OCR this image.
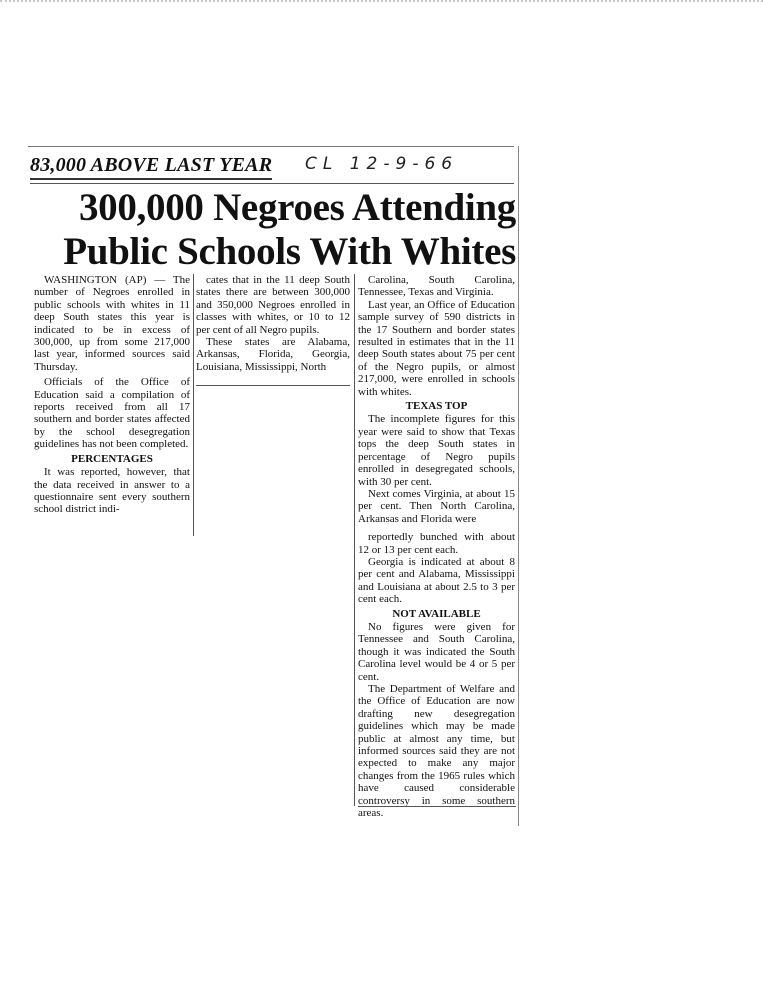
83,000 ABOVE LAST YEAR CL 12-9-66
300,000 Negroes Attending
Public Schools With Whites

WASHINGTON (AP) — The number of Negroes enrolled in public schools with whites in 11 deep South states this year is indicated to be in excess of 300,000, up from some 217,000 last year, informed sources said Thursday.

Officials of the Office of Education said a compilation of reports received from all 17 southern and border states affected by the school desegregation guidelines has not been completed.

PERCENTAGES

It was reported, however, that the data received in answer to a questionnaire sent every southern school district indi-

cates that in the 11 deep South states there are between 300,000 and 350,000 Negroes enrolled in classes with whites, or 10 to 12 per cent of all Negro pupils.

These states are Alabama, Arkansas, Florida, Georgia, Louisiana, Mississippi, North

Carolina, South Carolina, Tennessee, Texas and Virginia.

Last year, an Office of Education sample survey of 590 districts in the 17 Southern and border states resulted in estimates that in the 11 deep South states about 75 per cent of the Negro pupils, or almost 217,000, were enrolled in schools with whites.

TEXAS TOP

The incomplete figures for this year were said to show that Texas tops the deep South states in percentage of Negro pupils enrolled in desegregated schools, with 30 per cent.

Next comes Virginia, at about 15 per cent. Then North Carolina, Arkansas and Florida were

reportedly bunched with about 12 or 13 per cent each.

Georgia is indicated at about 8 per cent and Alabama, Mississippi and Louisiana at about 2.5 to 3 per cent each.

NOT AVAILABLE

No figures were given for Tennessee and South Carolina, though it was indicated the South Carolina level would be 4 or 5 per cent.

The Department of Welfare and the Office of Education are now drafting new desegregation guidelines which may be made public at almost any time, but informed sources said they are not expected to make any major changes from the 1965 rules which have caused considerable controversy in some southern areas.
